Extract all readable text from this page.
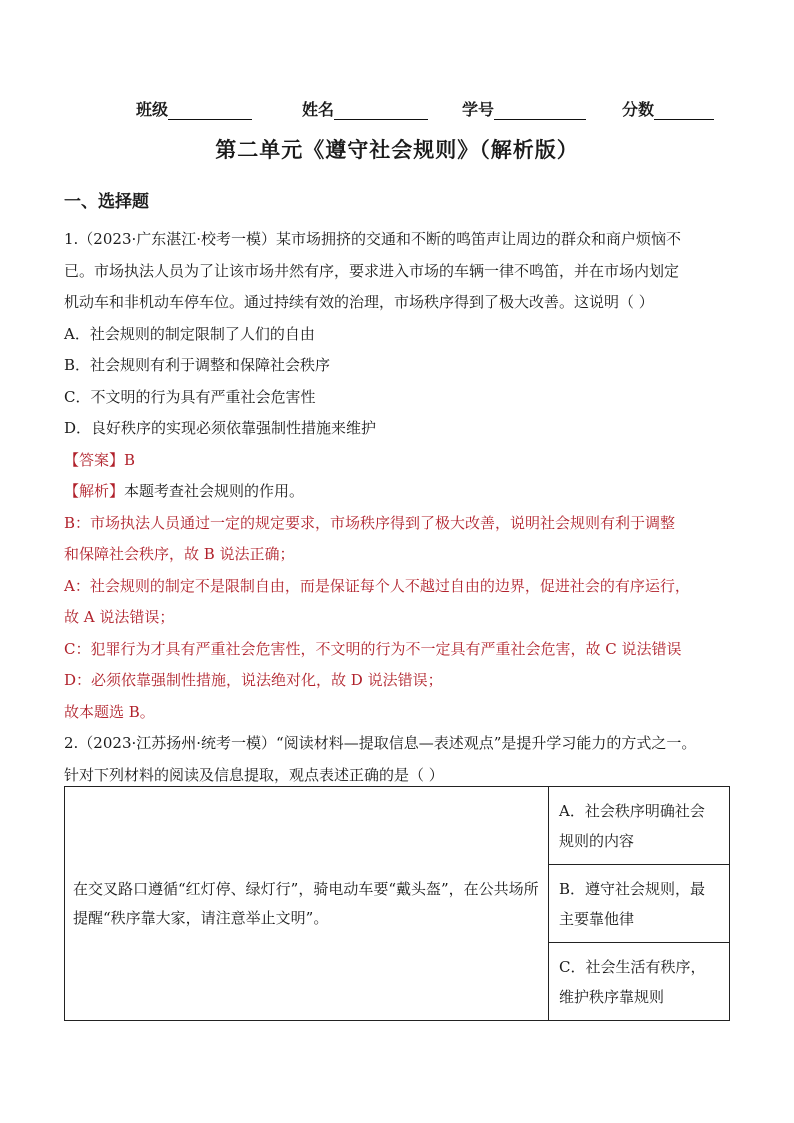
班级	姓名	学号	分数
第二单元《遵守社会规则》（解析版）
一、选择题

1.（2023·广东湛江·校考一模）某市场拥挤的交通和不断的鸣笛声让周边的群众和商户烦恼不

已。市场执法人员为了让该市场井然有序，要求进入市场的车辆一律不鸣笛，并在市场内划定

机动车和非机动车停车位。通过持续有效的治理，市场秩序得到了极大改善。这说明（ ）

A．社会规则的制定限制了人们的自由

B．社会规则有利于调整和保障社会秩序

C．不文明的行为具有严重社会危害性

D．良好秩序的实现必须依靠强制性措施来维护

【答案】B

【解析】本题考查社会规则的作用。

B：市场执法人员通过一定的规定要求，市场秩序得到了极大改善，说明社会规则有利于调整

和保障社会秩序，故 B 说法正确；

A：社会规则的制定不是限制自由，而是保证每个人不越过自由的边界，促进社会的有序运行，

故 A 说法错误；

C：犯罪行为才具有严重社会危害性，不文明的行为不一定具有严重社会危害，故 C 说法错误

D：必须依靠强制性措施，说法绝对化，故 D 说法错误；

故本题选 B。

2.（2023·江苏扬州·统考一模）“阅读材料—提取信息—表述观点”是提升学习能力的方式之一。

针对下列材料的阅读及信息提取，观点表述正确的是（ ）

在交叉路口遵循“红灯停、绿灯行”，骑电动车要“戴头盔”，在公共场所提醒“秩序靠大家，请注意举止文明”。	A．社会秩序明确社会规则的内容
B．遵守社会规则，最主要靠他律
C．社会生活有秩序，维护秩序靠规则
